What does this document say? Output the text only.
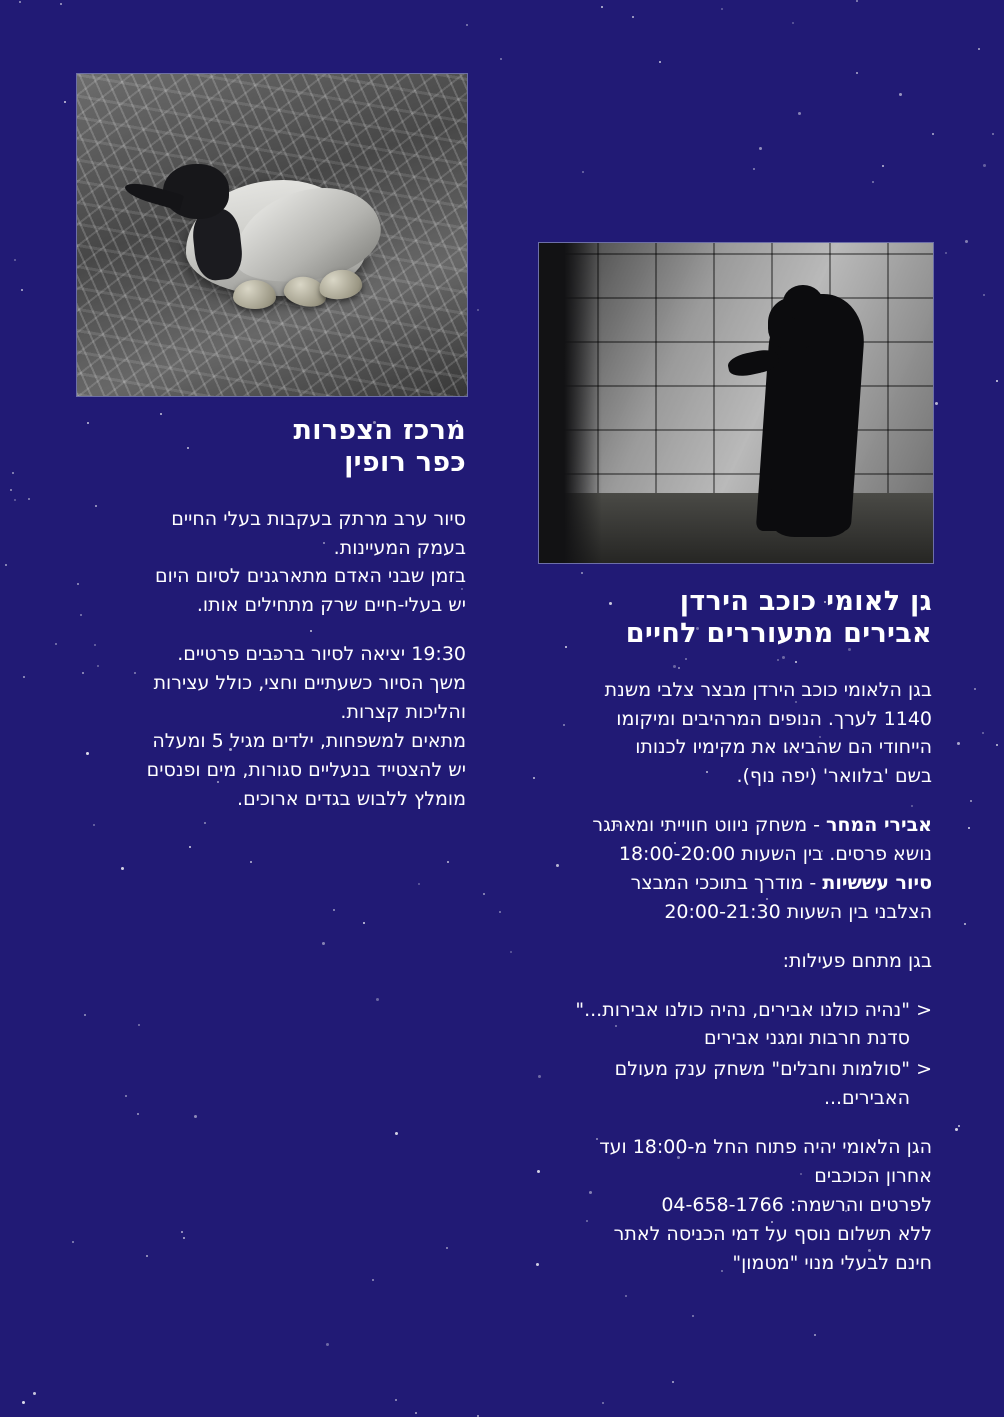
מרכז הצפרות
כפר רופין

סיור ערב מרתק בעקבות בעלי החיים
בעמק המעיינות.
בזמן שבני האדם מתארגנים לסיום היום
יש בעלי-חיים שרק מתחילים אותו.

19:30 יציאה לסיור ברכבים פרטיים.
משך הסיור כשעתיים וחצי, כולל עצירות
והליכות קצרות.
מתאים למשפחות, ילדים מגיל 5 ומעלה
יש להצטייד בנעליים סגורות, מים ופנסים
מומלץ ללבוש בגדים ארוכים.

גן לאומי כוכב הירדן
אבירים מתעוררים לחיים

בגן הלאומי כוכב הירדן מבצר צלבי משנת
1140 לערך. הנופים המרהיבים ומיקומו
הייחודי הם שהביאו את מקימיו לכנותו
בשם 'בלוואר' (יפה נוף).

אבירי המחר - משחק ניווט חווייתי ומאתגר
נושא פרסים. בין השעות 18:00-20:00
סיור עששיות - מודרך בתוככי המבצר
הצלבני בין השעות 20:00-21:30

בגן מתחם פעילות:

<
"נהיה כולנו אבירים, נהיה כולנו אבירות..."
סדנת חרבות ומגני אבירים
<
"סולמות וחבלים" משחק ענק מעולם
האבירים...

הגן הלאומי יהיה פתוח החל מ-18:00 ועד
אחרון הכוכבים
לפרטים והרשמה: 04-658-1766
ללא תשלום נוסף על דמי הכניסה לאתר
חינם לבעלי מנוי "מטמון"
